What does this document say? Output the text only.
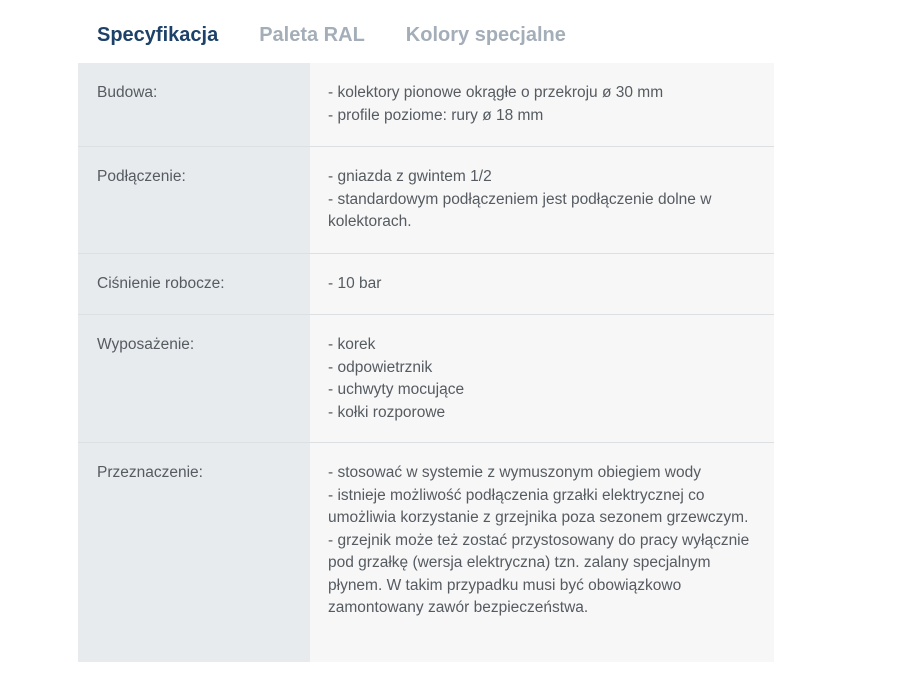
Specyfikacja Paleta RAL Kolory specjalne
Budowa:	- kolektory pionowe okrągłe o przekroju ø 30 mm
- profile poziome: rury ø 18 mm
Podłączenie:	- gniazda z gwintem 1/2
- standardowym podłączeniem jest podłączenie dolne w kolektorach.
Ciśnienie robocze:	- 10 bar
Wyposażenie:	- korek
- odpowietrznik
- uchwyty mocujące
- kołki rozporowe
Przeznaczenie:	- stosować w systemie z wymuszonym obiegiem wody
- istnieje możliwość podłączenia grzałki elektrycznej co umożliwia korzystanie z grzejnika poza sezonem grzewczym.
- grzejnik może też zostać przystosowany do pracy wyłącznie pod grzałkę (wersja elektryczna) tzn. zalany specjalnym płynem. W takim przypadku musi być obowiązkowo zamontowany zawór bezpieczeństwa.
